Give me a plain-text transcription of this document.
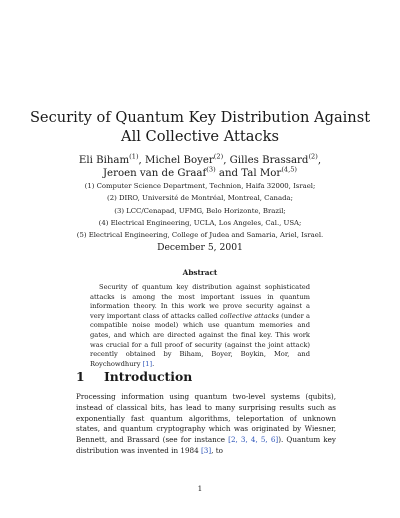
Security of Quantum Key Distribution Against
All Collective Attacks
Eli Biham$^{(1)}$, Michel Boyer$^{(2)}$, Gilles Brassard$^{(2)}$,
Jeroen van de Graaf$^{(3)}$ and Tal Mor$^{(4,5)}$
(1) Computer Science Department, Technion, Haifa 32000, Israel;
(2) DIRO, Université de Montréal, Montreal, Canada;
(3) LCC/Cenapad, UFMG, Belo Horizonte, Brazil;
(4) Electrical Engineering, UCLA, Los Angeles, Cal., USA;
(5) Electrical Engineering, College of Judea and Samaria, Ariel, Israel.
December 5, 2001
Abstract
Security of quantum key distribution against sophisticated attacks is among the most important issues in quantum information theory. In this work we prove security against a very important class of attacks called collective attacks (under a compatible noise model) which use quantum memories and gates, and which are directed against the final key. This work was crucial for a full proof of security (against the joint attack) recently obtained by Biham, Boyer, Boykin, Mor, and Roychowdhury [1].
1 Introduction
Processing information using quantum two-level systems (qubits), instead of classical bits, has lead to many surprising results such as exponentially fast quantum algorithms, teleportation of unknown states, and quantum cryptography which was originated by Wiesner, Bennett, and Brassard (see for instance [2, 3, 4, 5, 6]). Quantum key distribution was invented in 1984 [3], to
1
